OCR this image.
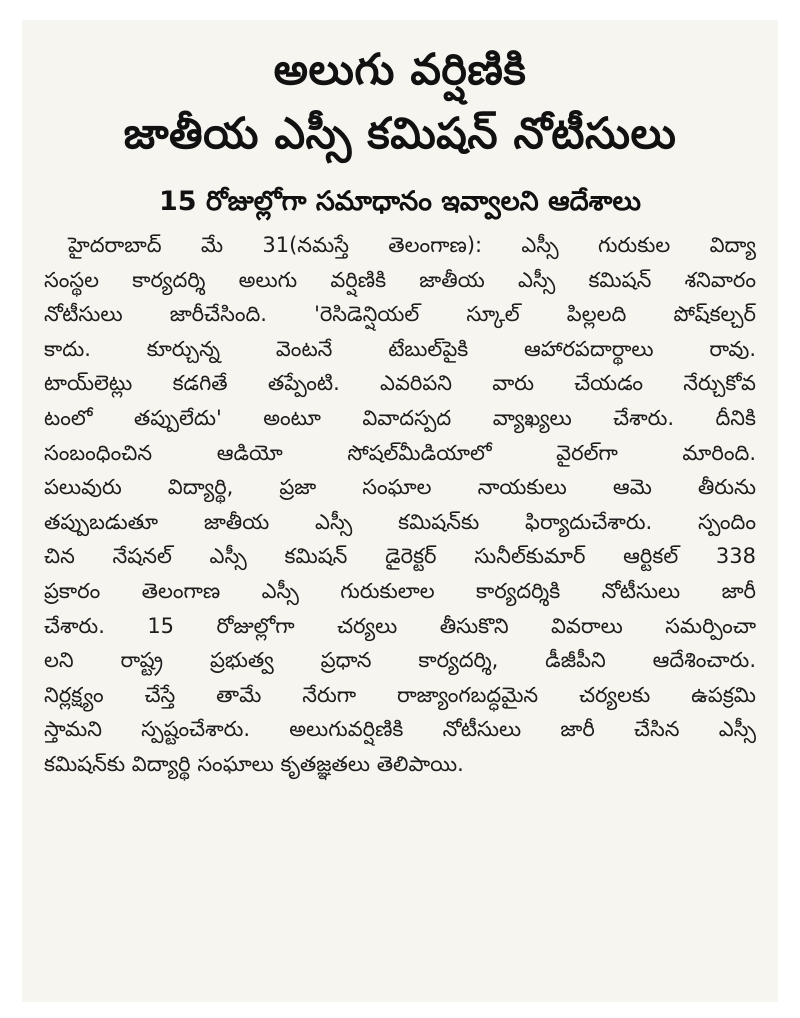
అలుగు వర్షిణికి
జాతీయ ఎస్సీ కమిషన్ నోటీసులు
15 రోజుల్లోగా సమాధానం ఇవ్వాలని ఆదేశాలు
హైదరాబాద్ మే 31(నమస్తే తెలంగాణ): ఎస్సీ గురుకుల విద్యా
సంస్థల కార్యదర్శి అలుగు వర్షిణికి జాతీయ ఎస్సీ కమిషన్ శనివారం
నోటీసులు జారీచేసింది. 'రెసిడెన్షియల్ స్కూల్ పిల్లలది పోష్‌కల్చర్
కాదు. కూర్చున్న వెంటనే టేబుల్‌పైకి ఆహారపదార్థాలు రావు.
టాయ్‌లెట్లు కడగితే తప్పేంటి. ఎవరిపని వారు చేయడం నేర్చుకోవ
టంలో తప్పులేదు' అంటూ వివాదస్పద వ్యాఖ్యలు చేశారు. దీనికి
సంబంధించిన ఆడియో సోషల్‌మీడియాలో వైరల్‌గా మారింది.
పలువురు విద్యార్థి, ప్రజా సంఘాల నాయకులు ఆమె తీరును
తప్పుబడుతూ జాతీయ ఎస్సీ కమిషన్‌కు ఫిర్యాదుచేశారు. స్పందిం
చిన నేషనల్ ఎస్సీ కమిషన్ డైరెక్టర్ సునీల్‌కుమార్ ఆర్టికల్ 338
ప్రకారం తెలంగాణ ఎస్సీ గురుకులాల కార్యదర్శికి నోటీసులు జారీ
చేశారు. 15 రోజుల్లోగా చర్యలు తీసుకొని వివరాలు సమర్పించా
లని రాష్ట్ర ప్రభుత్వ ప్రధాన కార్యదర్శి, డీజీపీని ఆదేశించారు.
నిర్లక్ష్యం చేస్తే తామే నేరుగా రాజ్యాంగబద్ధమైన చర్యలకు ఉపక్రమి
స్తామని స్పష్టంచేశారు. అలుగువర్షిణికి నోటీసులు జారీ చేసిన ఎస్సీ
కమిషన్‌కు విద్యార్థి సంఘాలు కృతజ్ఞతలు తెలిపాయి.
